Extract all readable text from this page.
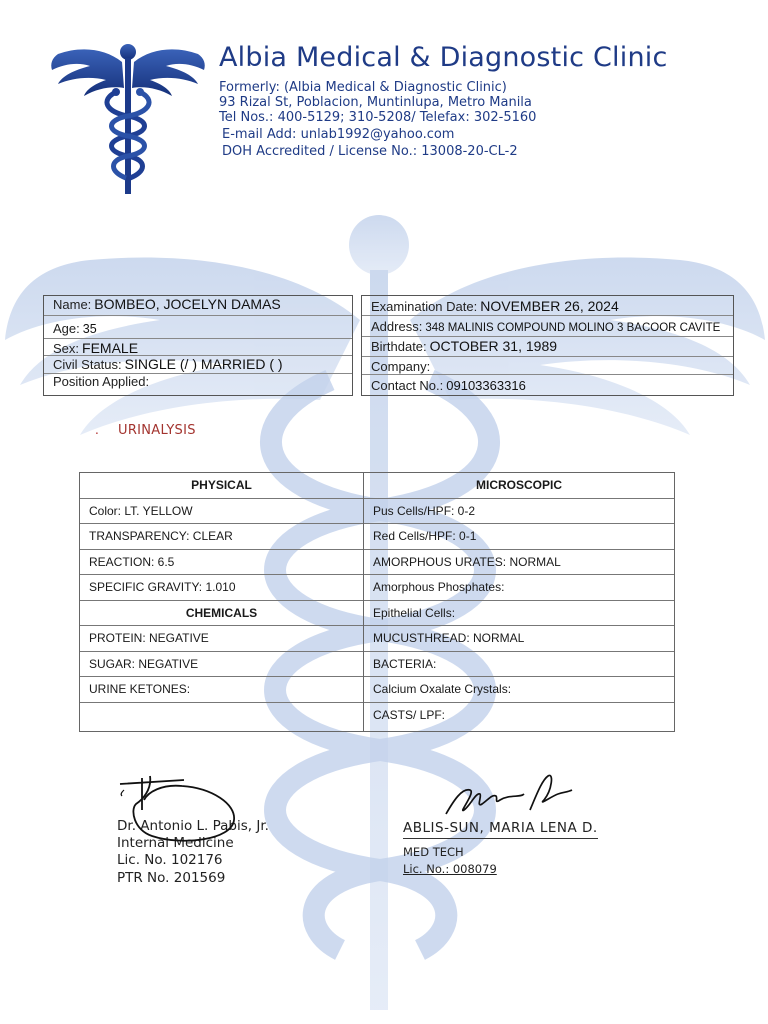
Albia Medical & Diagnostic Clinic
Formerly: (Albia Medical & Diagnostic Clinic)
93 Rizal St, Poblacion, Muntinlupa, Metro Manila
Tel Nos.: 400-5129; 310-5208/ Telefax: 302-5160
E-mail Add: unlab1992@yahoo.com
DOH Accredited / License No.: 13008-20-CL-2
Name: BOMBEO, JOCELYN DAMAS
Age: 35
Sex: FEMALE
Civil Status: SINGLE (/ ) MARRIED ( )
Position Applied:
Examination Date: NOVEMBER 26, 2024
Address: 348 MALINIS COMPOUND MOLINO 3 BACOOR CAVITE
Birthdate: OCTOBER 31, 1989
Company:
Contact No.: 09103363316
. URINALYSIS
PHYSICAL
Color: LT. YELLOW
TRANSPARENCY: CLEAR
REACTION: 6.5
SPECIFIC GRAVITY: 1.010
CHEMICALS
PROTEIN: NEGATIVE
SUGAR: NEGATIVE
URINE KETONES:
MICROSCOPIC
Pus Cells/HPF: 0-2
Red Cells/HPF: 0-1
AMORPHOUS URATES: NORMAL
Amorphous Phosphates:
Epithelial Cells:
MUCUSTHREAD: NORMAL
BACTERIA:
Calcium Oxalate Crystals:
CASTS/ LPF:
Dr. Antonio L. Pabis, Jr.
Internal Medicine
Lic. No. 102176
PTR No. 201569
ABLIS-SUN, MARIA LENA D.
MED TECH
Lic. No.: 008079
